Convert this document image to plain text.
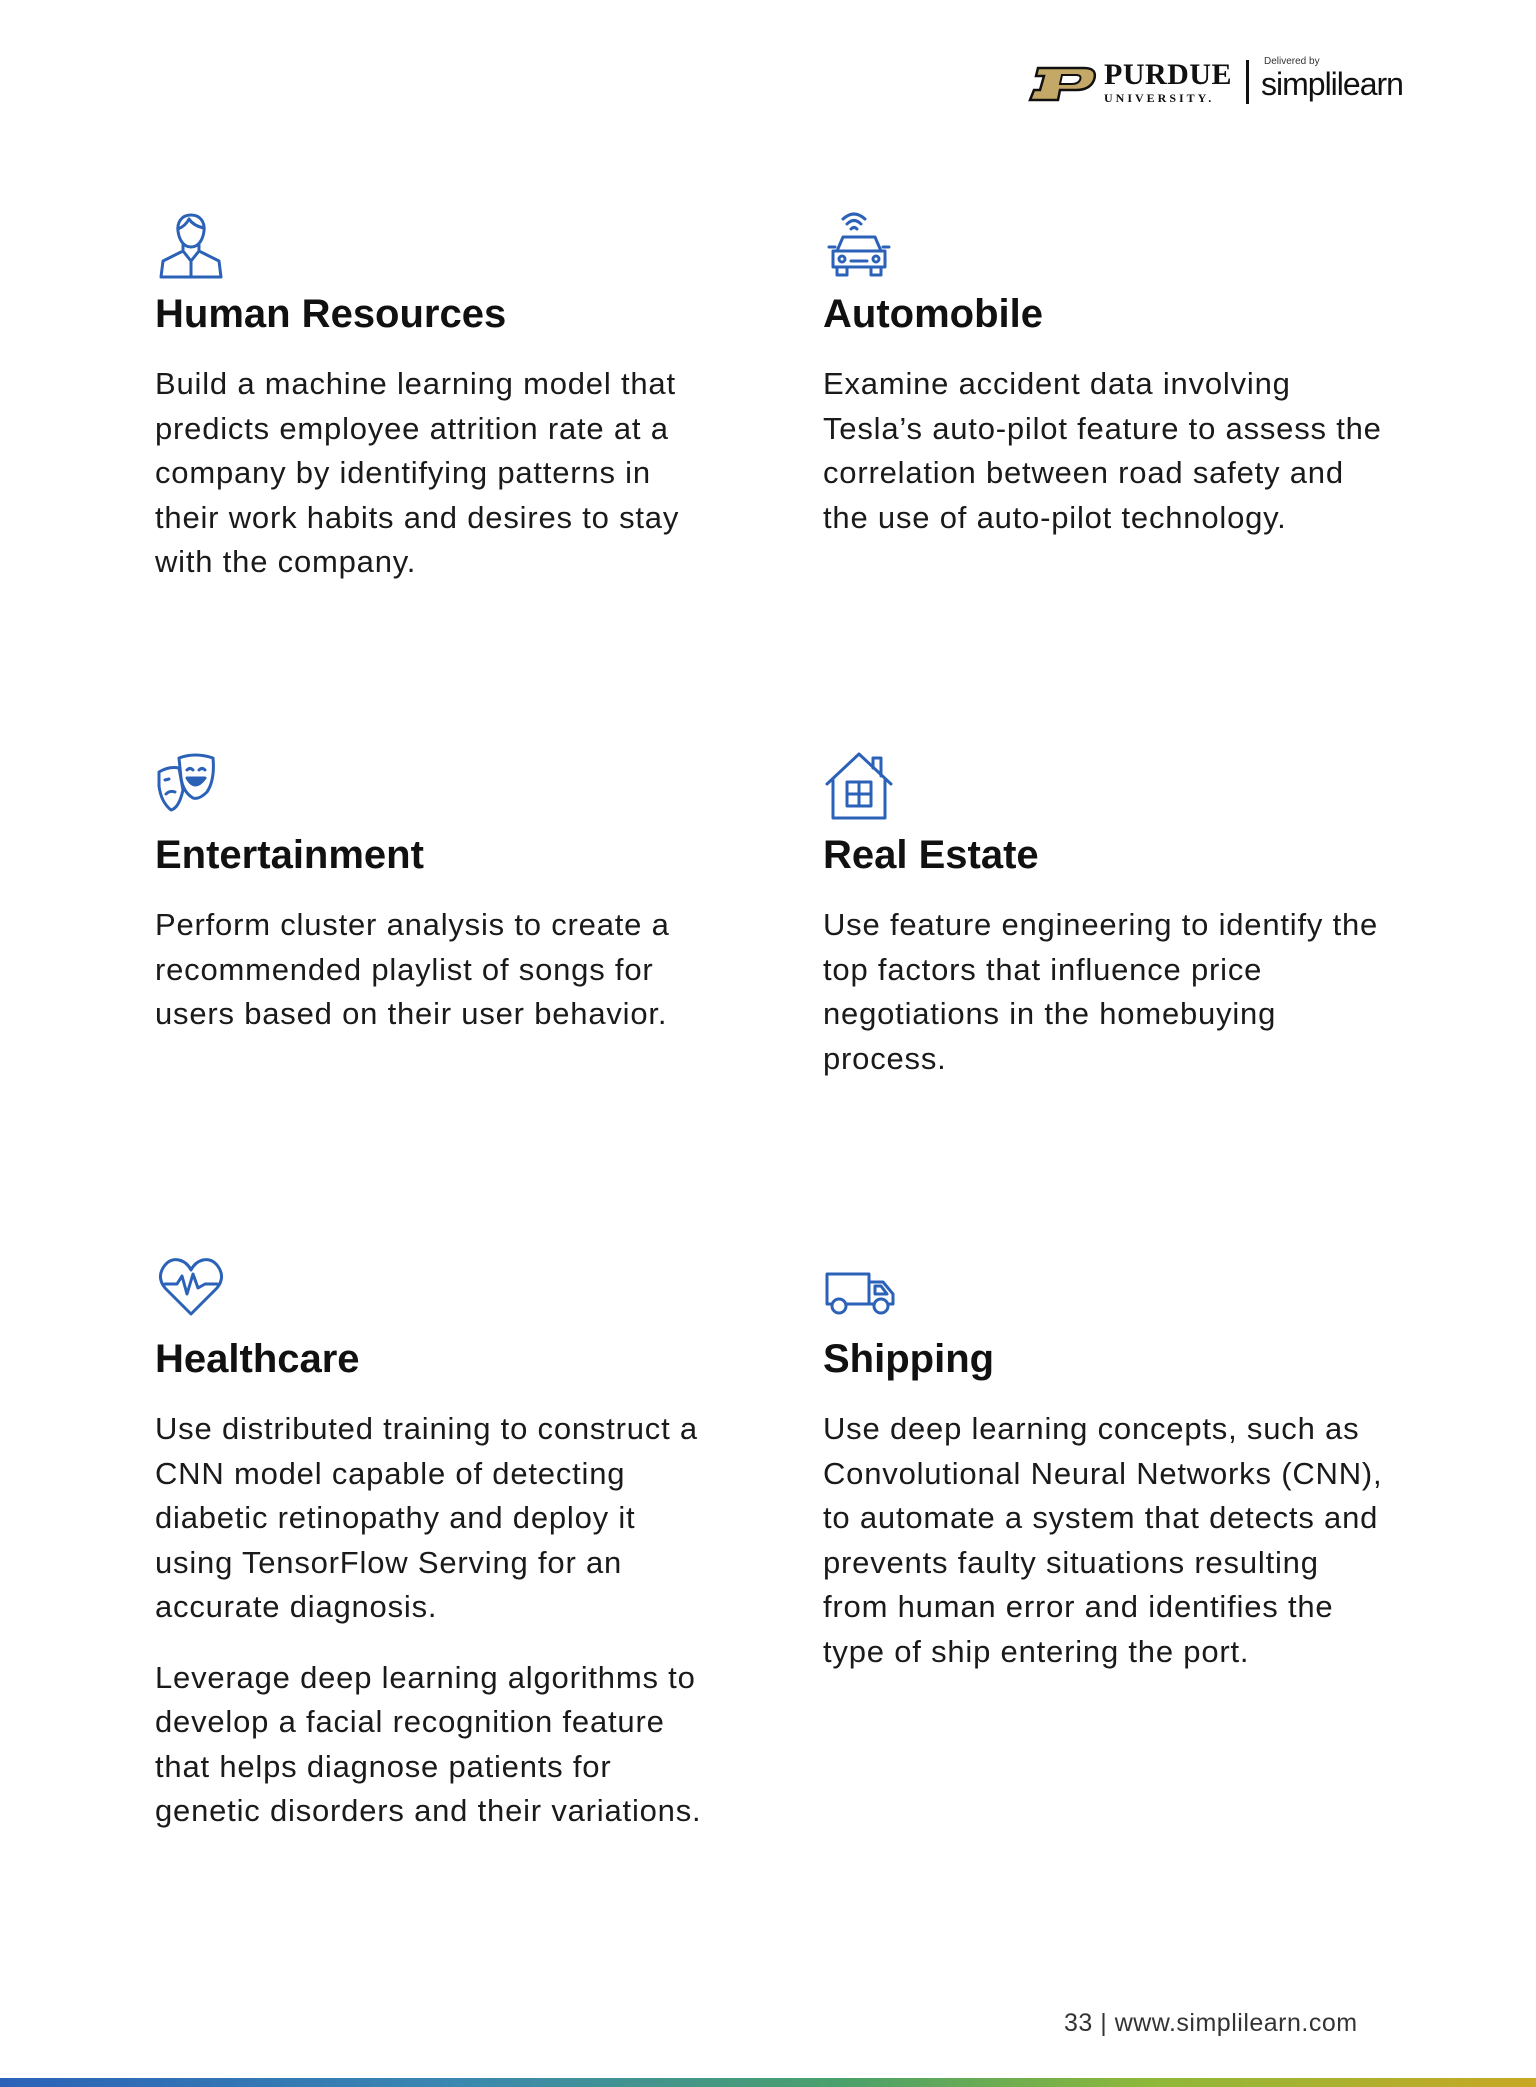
PURDUE
UNIVERSITY.
Delivered by
simplilearn
Human Resources

Build a machine learning model that predicts employee attrition rate at a company by identifying patterns in their work habits and desires to stay with the company.

Automobile

Examine accident data involving Tesla’s auto-pilot feature to assess the correlation between road safety and the use of auto-pilot technology.

Entertainment

Perform cluster analysis to create a recommended playlist of songs for users based on their user behavior.

Real Estate

Use feature engineering to identify the top factors that influence price negotiations in the homebuying process.

Healthcare

Use distributed training to construct a CNN model capable of detecting diabetic retinopathy and deploy it using TensorFlow Serving for an accurate diagnosis.

Leverage deep learning algorithms to develop a facial recognition feature that helps diagnose patients for genetic disorders and their variations.

Shipping

Use deep learning concepts, such as Convolutional Neural Networks (CNN), to automate a system that detects and prevents faulty situations resulting from human error and identifies the type of ship entering the port.

33 | www.simplilearn.com
